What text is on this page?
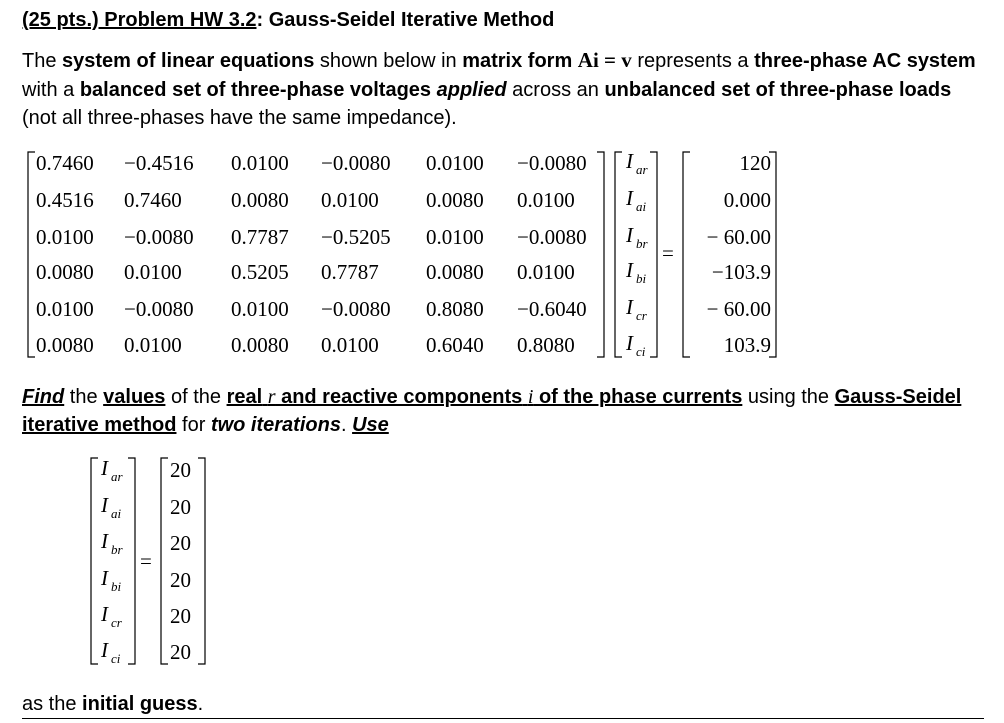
(25 pts.) Problem HW 3.2: Gauss-Seidel Iterative Method
The system of linear equations shown below in matrix form Ai = v represents a three-phase AC system with a balanced set of three-phase voltages applied across an unbalanced set of three-phase loads (not all three-phases have the same impedance).
0.7460 −0.4516 0.0100 −0.0080 0.0100 −0.0080
0.4516 0.7460 0.0080 0.0100 0.0080 0.0100
0.0100 −0.0080 0.7787 −0.5205 0.0100 −0.0080
0.0080 0.0100 0.5205 0.7787 0.0080 0.0100
0.0100 −0.0080 0.0100 −0.0080 0.8080 −0.6040
0.0080 0.0100 0.0080 0.0100 0.6040 0.8080
I $_{ar}$
I $_{ai}$
I $_{br}$
I $_{bi}$
I $_{cr}$
I $_{ci}$
=
120
0.000
− 60.00
−103.9
− 60.00
103.9
Find the values of the real r and reactive components i of the phase currents using the Gauss-Seidel iterative method for two iterations. Use
I $_{ar}$
I $_{ai}$
I $_{br}$
I $_{bi}$
I $_{cr}$
I $_{ci}$
=
20
20
20
20
20
20
as the initial guess.
